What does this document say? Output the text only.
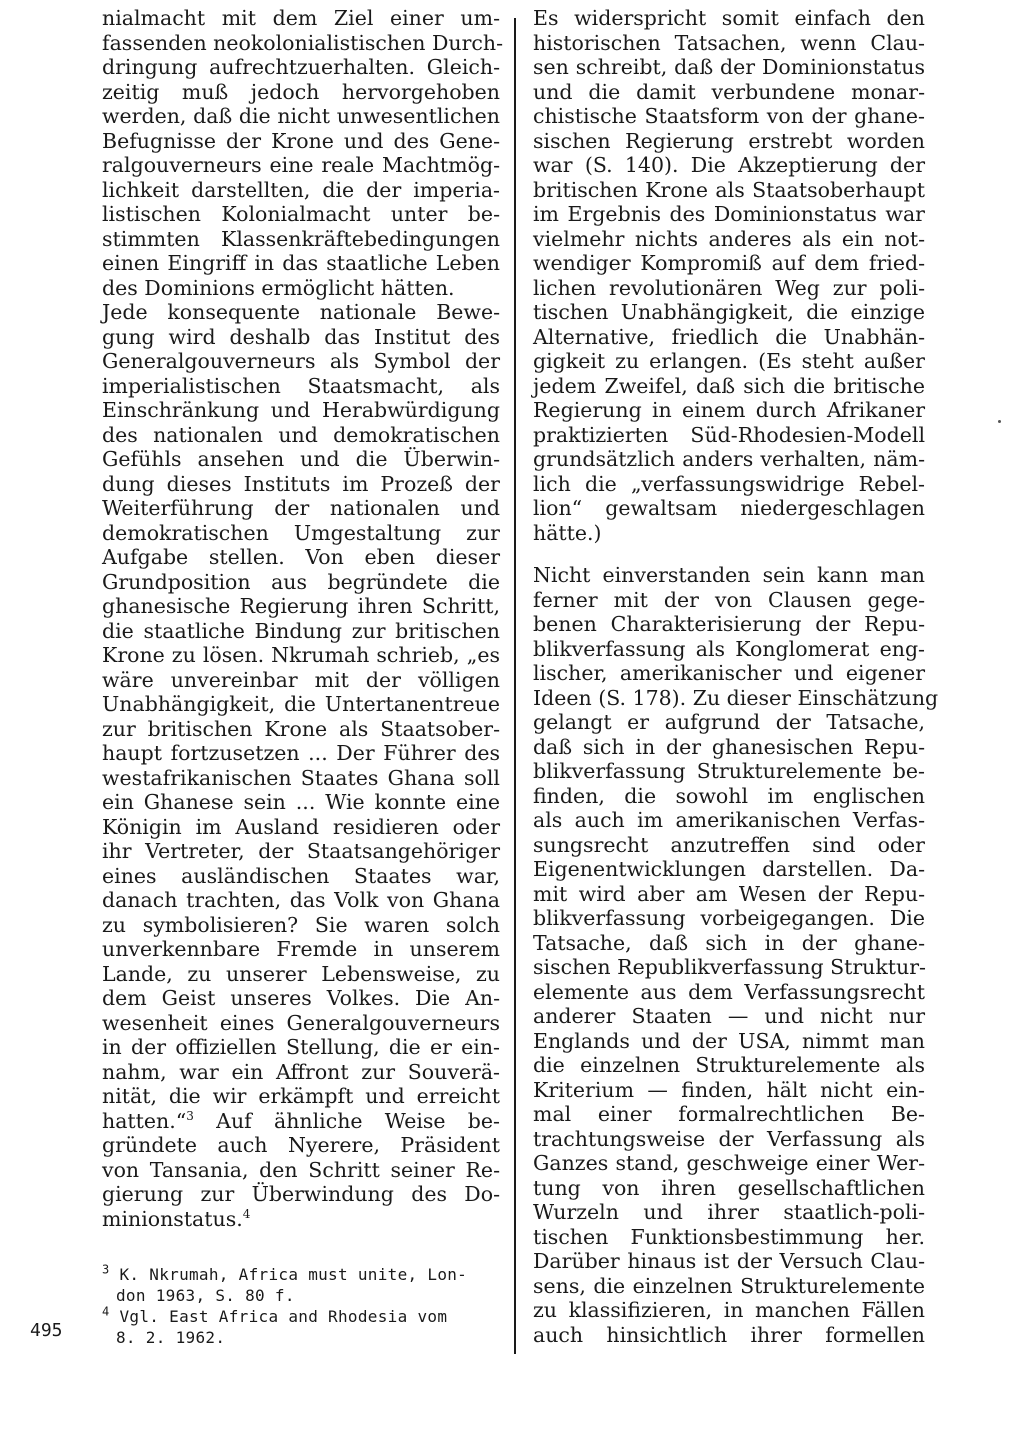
nialmacht mit dem Ziel einer um-
fassenden neokolonialistischen Durch-
dringung aufrechtzuerhalten. Gleich-
zeitig muß jedoch hervorgehoben
werden, daß die nicht unwesentlichen
Befugnisse der Krone und des Gene-
ralgouverneurs eine reale Machtmög-
lichkeit darstellten, die der imperia-
listischen Kolonialmacht unter be-
stimmten Klassenkräftebedingungen
einen Eingriff in das staatliche Leben
des Dominions ermöglicht hätten.
Jede konsequente nationale Bewe-
gung wird deshalb das Institut des
Generalgouverneurs als Symbol der
imperialistischen Staatsmacht, als
Einschränkung und Herabwürdigung
des nationalen und demokratischen
Gefühls ansehen und die Überwin-
dung dieses Instituts im Prozeß der
Weiterführung der nationalen und
demokratischen Umgestaltung zur
Aufgabe stellen. Von eben dieser
Grundposition aus begründete die
ghanesische Regierung ihren Schritt,
die staatliche Bindung zur britischen
Krone zu lösen. Nkrumah schrieb, „es
wäre unvereinbar mit der völligen
Unabhängigkeit, die Untertanentreue
zur britischen Krone als Staatsober-
haupt fortzusetzen ... Der Führer des
westafrikanischen Staates Ghana soll
ein Ghanese sein ... Wie konnte eine
Königin im Ausland residieren oder
ihr Vertreter, der Staatsangehöriger
eines ausländischen Staates war,
danach trachten, das Volk von Ghana
zu symbolisieren? Sie waren solch
unverkennbare Fremde in unserem
Lande, zu unserer Lebensweise, zu
dem Geist unseres Volkes. Die An-
wesenheit eines Generalgouverneurs
in der offiziellen Stellung, die er ein-
nahm, war ein Affront zur Souverä-
nität, die wir erkämpft und erreicht
hatten.“$^3$ Auf ähnliche Weise be-
gründete auch Nyerere, Präsident
von Tansania, den Schritt seiner Re-
gierung zur Überwindung des Do-
minionstatus.$^4$
Es widerspricht somit einfach den
historischen Tatsachen, wenn Clau-
sen schreibt, daß der Dominionstatus
und die damit verbundene monar-
chistische Staatsform von der ghane-
sischen Regierung erstrebt worden
war (S. 140). Die Akzeptierung der
britischen Krone als Staatsoberhaupt
im Ergebnis des Dominionstatus war
vielmehr nichts anderes als ein not-
wendiger Kompromiß auf dem fried-
lichen revolutionären Weg zur poli-
tischen Unabhängigkeit, die einzige
Alternative, friedlich die Unabhän-
gigkeit zu erlangen. (Es steht außer
jedem Zweifel, daß sich die britische
Regierung in einem durch Afrikaner
praktizierten Süd-Rhodesien-Modell
grundsätzlich anders verhalten, näm-
lich die „verfassungswidrige Rebel-
lion“ gewaltsam niedergeschlagen
hätte.)
Nicht einverstanden sein kann man
ferner mit der von Clausen gege-
benen Charakterisierung der Repu-
blikverfassung als Konglomerat eng-
lischer, amerikanischer und eigener
Ideen (S. 178). Zu dieser Einschätzung
gelangt er aufgrund der Tatsache,
daß sich in der ghanesischen Repu-
blikverfassung Strukturelemente be-
finden, die sowohl im englischen
als auch im amerikanischen Verfas-
sungsrecht anzutreffen sind oder
Eigenentwicklungen darstellen. Da-
mit wird aber am Wesen der Repu-
blikverfassung vorbeigegangen. Die
Tatsache, daß sich in der ghane-
sischen Republikverfassung Struktur-
elemente aus dem Verfassungsrecht
anderer Staaten — und nicht nur
Englands und der USA, nimmt man
die einzelnen Strukturelemente als
Kriterium — finden, hält nicht ein-
mal einer formalrechtlichen Be-
trachtungsweise der Verfassung als
Ganzes stand, geschweige einer Wer-
tung von ihren gesellschaftlichen
Wurzeln und ihrer staatlich-poli-
tischen Funktionsbestimmung her.
Darüber hinaus ist der Versuch Clau-
sens, die einzelnen Strukturelemente
zu klassifizieren, in manchen Fällen
auch hinsichtlich ihrer formellen
$^3$ K. Nkrumah, Africa must unite, Lon-
don 1963, S. 80 f.
$^4$ Vgl. East Africa and Rhodesia vom
8. 2. 1962.
495
